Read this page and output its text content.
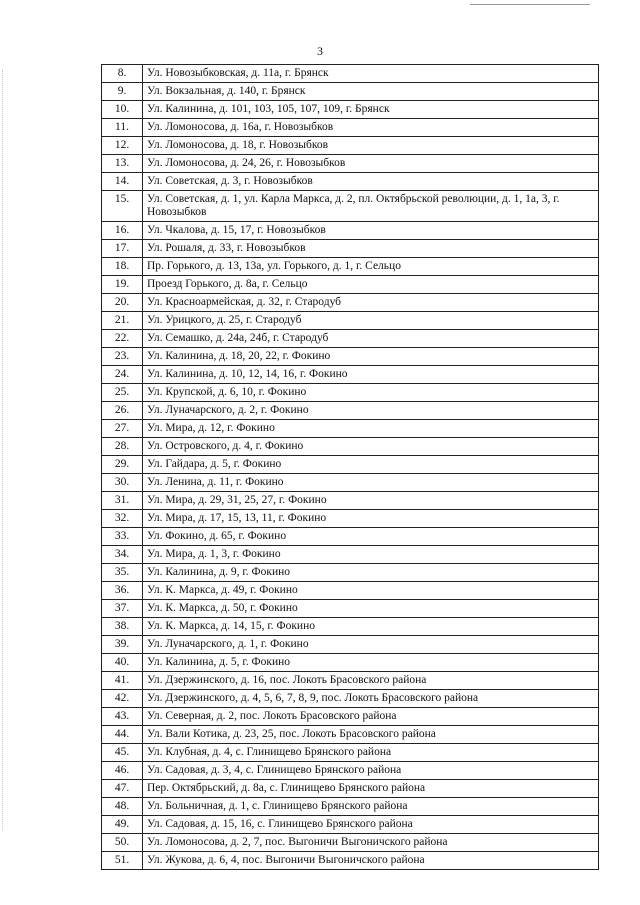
3
8.	Ул. Новозыбковская, д. 11а, г. Брянск
9.	Ул. Вокзальная, д. 140, г. Брянск
10.	Ул. Калинина, д. 101, 103, 105, 107, 109, г. Брянск
11.	Ул. Ломоносова, д. 16а, г. Новозыбков
12.	Ул. Ломоносова, д. 18, г. Новозыбков
13.	Ул. Ломоносова, д. 24, 26, г. Новозыбков
14.	Ул. Советская, д. 3, г. Новозыбков
15.	Ул. Советская, д. 1, ул. Карла Маркса, д. 2, пл. Октябрьской революции, д. 1, 1а, 3, г. Новозыбков
16.	Ул. Чкалова, д. 15, 17, г. Новозыбков
17.	Ул. Рошаля, д. 33, г. Новозыбков
18.	Пр. Горького, д. 13, 13а, ул. Горького, д. 1, г. Сельцо
19.	Проезд Горького, д. 8а, г. Сельцо
20.	Ул. Красноармейская, д. 32, г. Стародуб
21.	Ул. Урицкого, д. 25, г. Стародуб
22.	Ул. Семашко, д. 24а, 24б, г. Стародуб
23.	Ул. Калинина, д. 18, 20, 22, г. Фокино
24.	Ул. Калинина, д. 10, 12, 14, 16, г. Фокино
25.	Ул. Крупской, д. 6, 10, г. Фокино
26.	Ул. Луначарского, д. 2, г. Фокино
27.	Ул. Мира, д. 12, г. Фокино
28.	Ул. Островского, д. 4, г. Фокино
29.	Ул. Гайдара, д. 5, г. Фокино
30.	Ул. Ленина, д. 11, г. Фокино
31.	Ул. Мира, д. 29, 31, 25, 27, г. Фокино
32.	Ул. Мира, д. 17, 15, 13, 11, г. Фокино
33.	Ул. Фокино, д. 65, г. Фокино
34.	Ул. Мира, д. 1, 3, г. Фокино
35.	Ул. Калинина, д. 9, г. Фокино
36.	Ул. К. Маркса, д. 49, г. Фокино
37.	Ул. К. Маркса, д. 50, г. Фокино
38.	Ул. К. Маркса, д. 14, 15, г. Фокино
39.	Ул. Луначарского, д. 1, г. Фокино
40.	Ул. Калинина, д. 5, г. Фокино
41.	Ул. Дзержинского, д. 16, пос. Локоть Брасовского района
42.	Ул. Дзержинского, д. 4, 5, 6, 7, 8, 9, пос. Локоть Брасовского района
43.	Ул. Северная, д. 2, пос. Локоть Брасовского района
44.	Ул. Вали Котика, д. 23, 25, пос. Локоть Брасовского района
45.	Ул. Клубная, д. 4, с. Глинищево Брянского района
46.	Ул. Садовая, д. 3, 4, с. Глинищево Брянского района
47.	Пер. Октябрьский, д. 8а, с. Глинищево Брянского района
48.	Ул. Больничная, д. 1, с. Глинищево Брянского района
49.	Ул. Садовая, д. 15, 16, с. Глинищево Брянского района
50.	Ул. Ломоносова, д. 2, 7, пос. Выгоничи Выгоничского района
51.	Ул. Жукова, д. 6, 4, пос. Выгоничи Выгоничского района
